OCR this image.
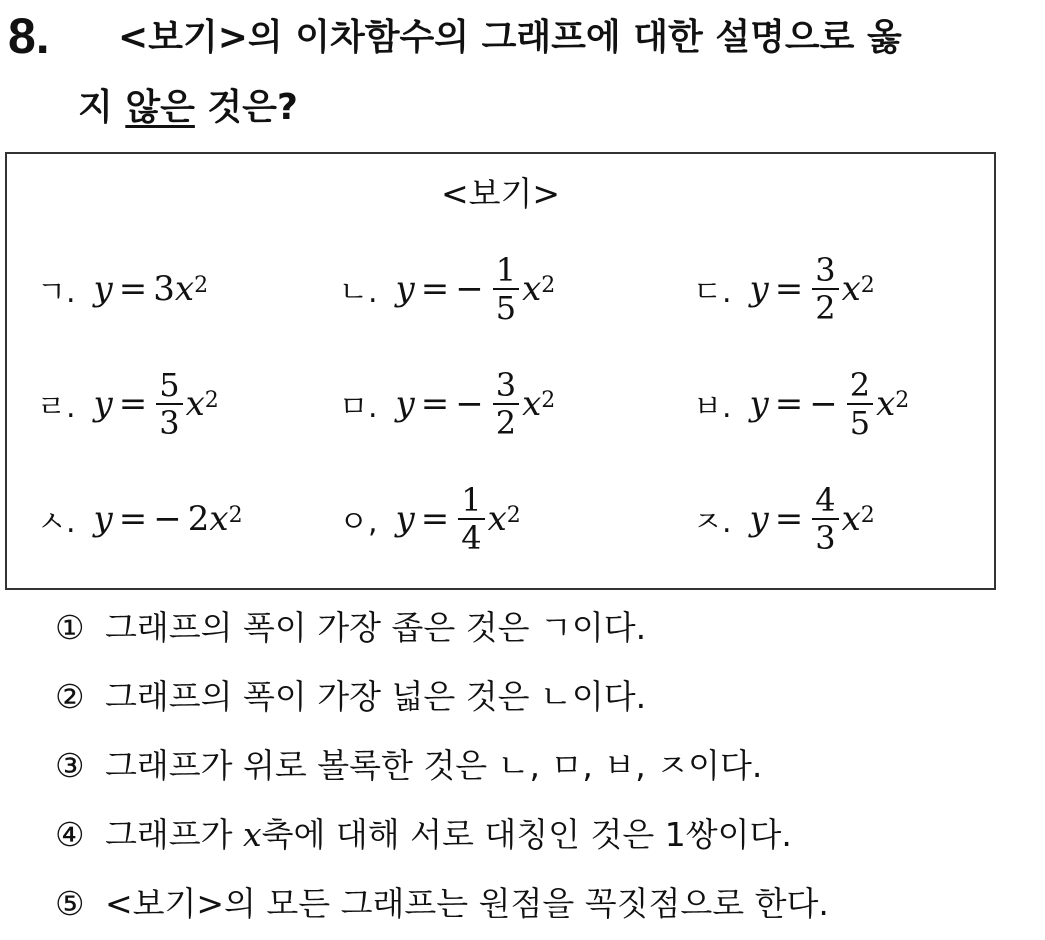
8. <보기>의 이차함수의 그래프에 대한 설명으로 옳
지 않은 것은?
<보기>
ㄱ. y = 3 $x^2$	ㄴ. y = − $\frac{1}{5} x^2$	ㄷ. $y = \frac{3}{2} x^2$
ㄹ. $y = \frac{5}{3} x^2$	ㅁ. y = − $\frac{3}{2} x^2$	ㅂ. y = − $\frac{2}{5} x^2$
ㅅ. y = − 2 $x^2$	ㅇ, $y = \frac{1}{4} x^2$	ㅈ. $y = \frac{4}{3} x^2$
① 그래프의 폭이 가장 좁은 것은 ㄱ이다.
② 그래프의 폭이 가장 넓은 것은 ㄴ이다.
③ 그래프가 위로 볼록한 것은 ㄴ, ㅁ, ㅂ, ㅈ이다.
④ 그래프가 x축에 대해 서로 대칭인 것은 1쌍이다.
⑤ <보기>의 모든 그래프는 원점을 꼭짓점으로 한다.
